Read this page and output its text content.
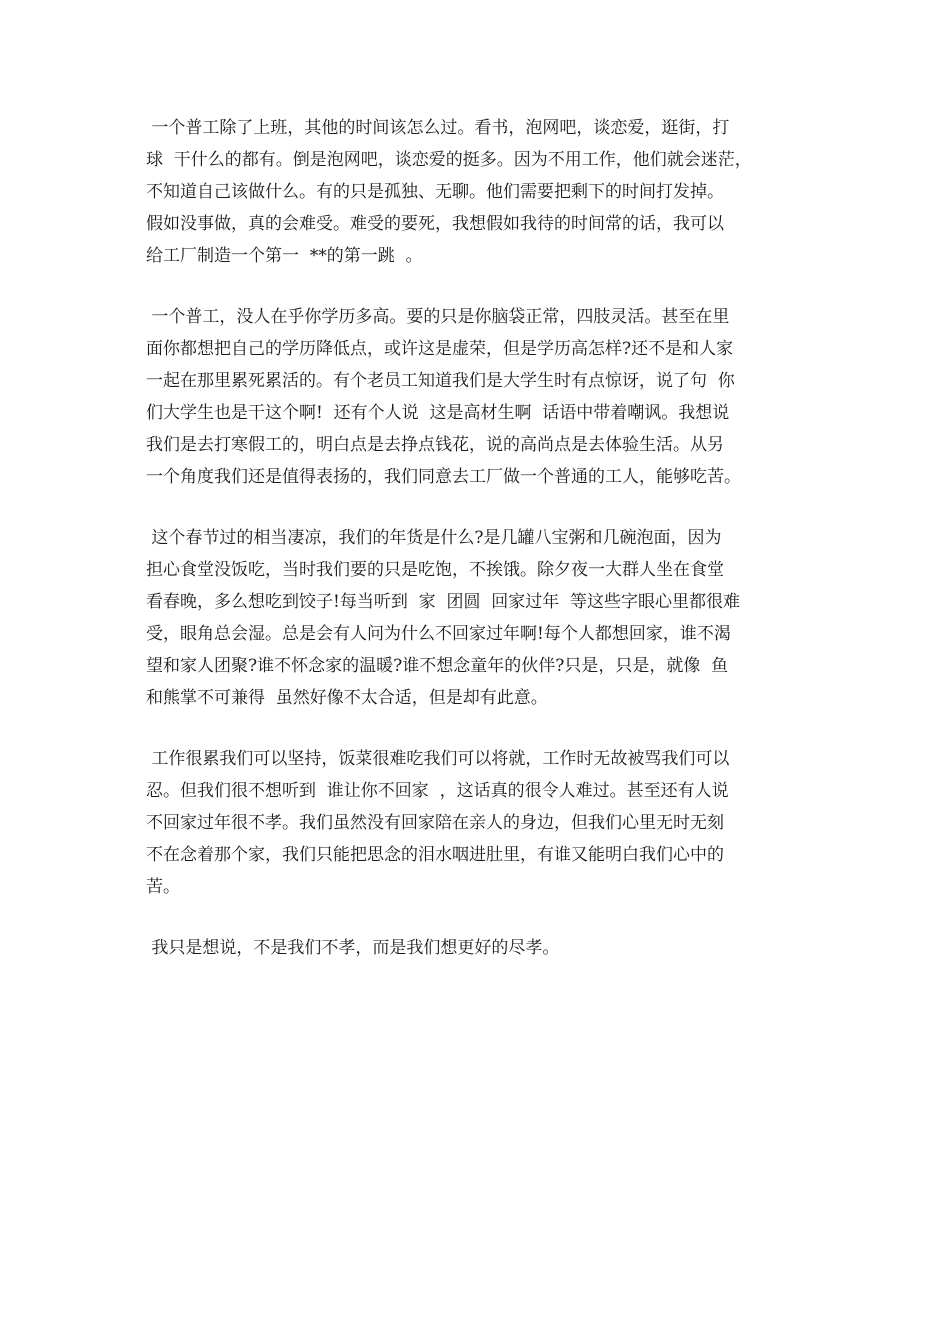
一个普工除了上班，其他的时间该怎么过。看书，泡网吧，谈恋爱，逛街，打
球  干什么的都有。倒是泡网吧，谈恋爱的挺多。因为不用工作，他们就会迷茫，
不知道自己该做什么。有的只是孤独、无聊。他们需要把剩下的时间打发掉。
假如没事做，真的会难受。难受的要死，我想假如我待的时间常的话，我可以
给工厂制造一个第一  **的第一跳  。
一个普工，没人在乎你学历多高。要的只是你脑袋正常，四肢灵活。甚至在里
面你都想把自己的学历降低点，或许这是虚荣，但是学历高怎样?还不是和人家
一起在那里累死累活的。有个老员工知道我们是大学生时有点惊讶，说了句  你
们大学生也是干这个啊!  还有个人说  这是高材生啊  话语中带着嘲讽。我想说
我们是去打寒假工的，明白点是去挣点钱花，说的高尚点是去体验生活。从另
一个角度我们还是值得表扬的，我们同意去工厂做一个普通的工人，能够吃苦。
这个春节过的相当凄凉，我们的年货是什么?是几罐八宝粥和几碗泡面，因为
担心食堂没饭吃，当时我们要的只是吃饱，不挨饿。除夕夜一大群人坐在食堂
看春晚，多么想吃到饺子!每当听到  家  团圆  回家过年  等这些字眼心里都很难
受，眼角总会湿。总是会有人问为什么不回家过年啊!每个人都想回家，谁不渴
望和家人团聚?谁不怀念家的温暖?谁不想念童年的伙伴?只是，只是，就像  鱼
和熊掌不可兼得  虽然好像不太合适，但是却有此意。
工作很累我们可以坚持，饭菜很难吃我们可以将就，工作时无故被骂我们可以
忍。但我们很不想听到  谁让你不回家  ，这话真的很令人难过。甚至还有人说
不回家过年很不孝。我们虽然没有回家陪在亲人的身边，但我们心里无时无刻
不在念着那个家，我们只能把思念的泪水咽进肚里，有谁又能明白我们心中的
苦。
我只是想说，不是我们不孝，而是我们想更好的尽孝。
